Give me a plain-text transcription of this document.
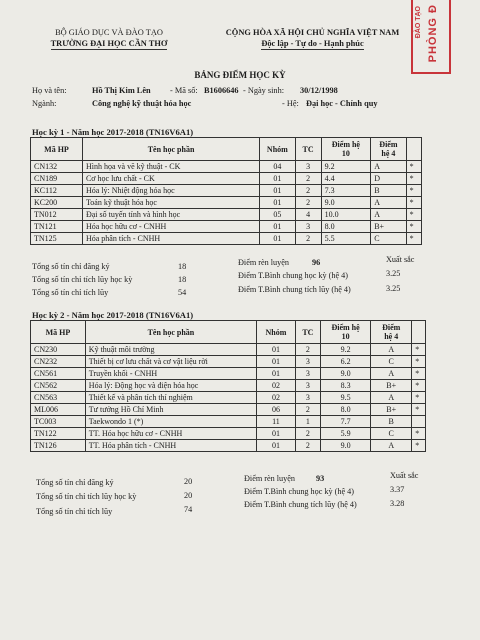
BỘ GIÁO DỤC VÀ ĐÀO TẠO
TRƯỜNG ĐẠI HỌC CẦN THƠ
CỘNG HÒA XÃ HỘI CHỦ NGHĨA VIỆT NAM
Độc lập - Tự do - Hạnh phúc
ĐÀO TẠO PHÒNG Đ
BẢNG ĐIỂM HỌC KỲ
Họ và tên:	Hồ Thị Kim Lên - Mã số: B1606646 - Ngày sinh: 30/12/1998
Ngành:	Công nghệ kỹ thuật hóa học	- Hệ: Đại học - Chính quy
Học kỳ 1 - Năm học 2017-2018 (TN16V6A1)
Mã HP	Tên học phần	Nhóm	TC	Điểm hệ
10	Điểm
hệ 4	
CN132	Hình họa và vẽ kỹ thuật - CK	04	3	9.2	A	*
CN189	Cơ học lưu chất - CK	01	2	4.4	D	*
KC112	Hóa lý: Nhiệt động hóa học	01	2	7.3	B	*
KC200	Toán kỹ thuật hóa học	01	2	9.0	A	*
TN012	Đại số tuyến tính và hình học	05	4	10.0	A	*
TN121	Hóa học hữu cơ - CNHH	01	3	8.0	B+	*
TN125	Hóa phân tích - CNHH	01	2	5.5	C	*
Tổng số tín chỉ đăng ký	18
Tổng số tín chỉ tích lũy học kỳ	18
Tổng số tín chỉ tích lũy	54
Điểm rèn luyện	96	Xuất sắc
Điểm T.Bình chung học kỳ (hệ 4)	3.25
Điểm T.Bình chung tích lũy (hệ 4)	3.25
Học kỳ 2 - Năm học 2017-2018 (TN16V6A1)
Mã HP	Tên học phần	Nhóm	TC	Điểm hệ
10	Điểm
hệ 4	
CN230	Kỹ thuật môi trường	01	2	9.2	A	*
CN232	Thiết bị cơ lưu chất và cơ vật liệu rời	01	3	6.2	C	*
CN561	Truyền khối - CNHH	01	3	9.0	A	*
CN562	Hóa lý: Động học và điện hóa học	02	3	8.3	B+	*
CN563	Thiết kế và phân tích thí nghiệm	02	3	9.5	A	*
ML006	Tư tưởng Hồ Chí Minh	06	2	8.0	B+	*
TC003	Taekwondo 1 (*)	11	1	7.7	B	
TN122	TT. Hóa học hữu cơ - CNHH	01	2	5.9	C	*
TN126	TT. Hóa phân tích - CNHH	01	2	9.0	A	*
Tổng số tín chỉ đăng ký	20
Tổng số tín chỉ tích lũy học kỳ	20
Tổng số tín chỉ tích lũy	74
Điểm rèn luyện	93	Xuất sắc
Điểm T.Bình chung học kỳ (hệ 4)	3.37
Điểm T.Bình chung tích lũy (hệ 4)	3.28
